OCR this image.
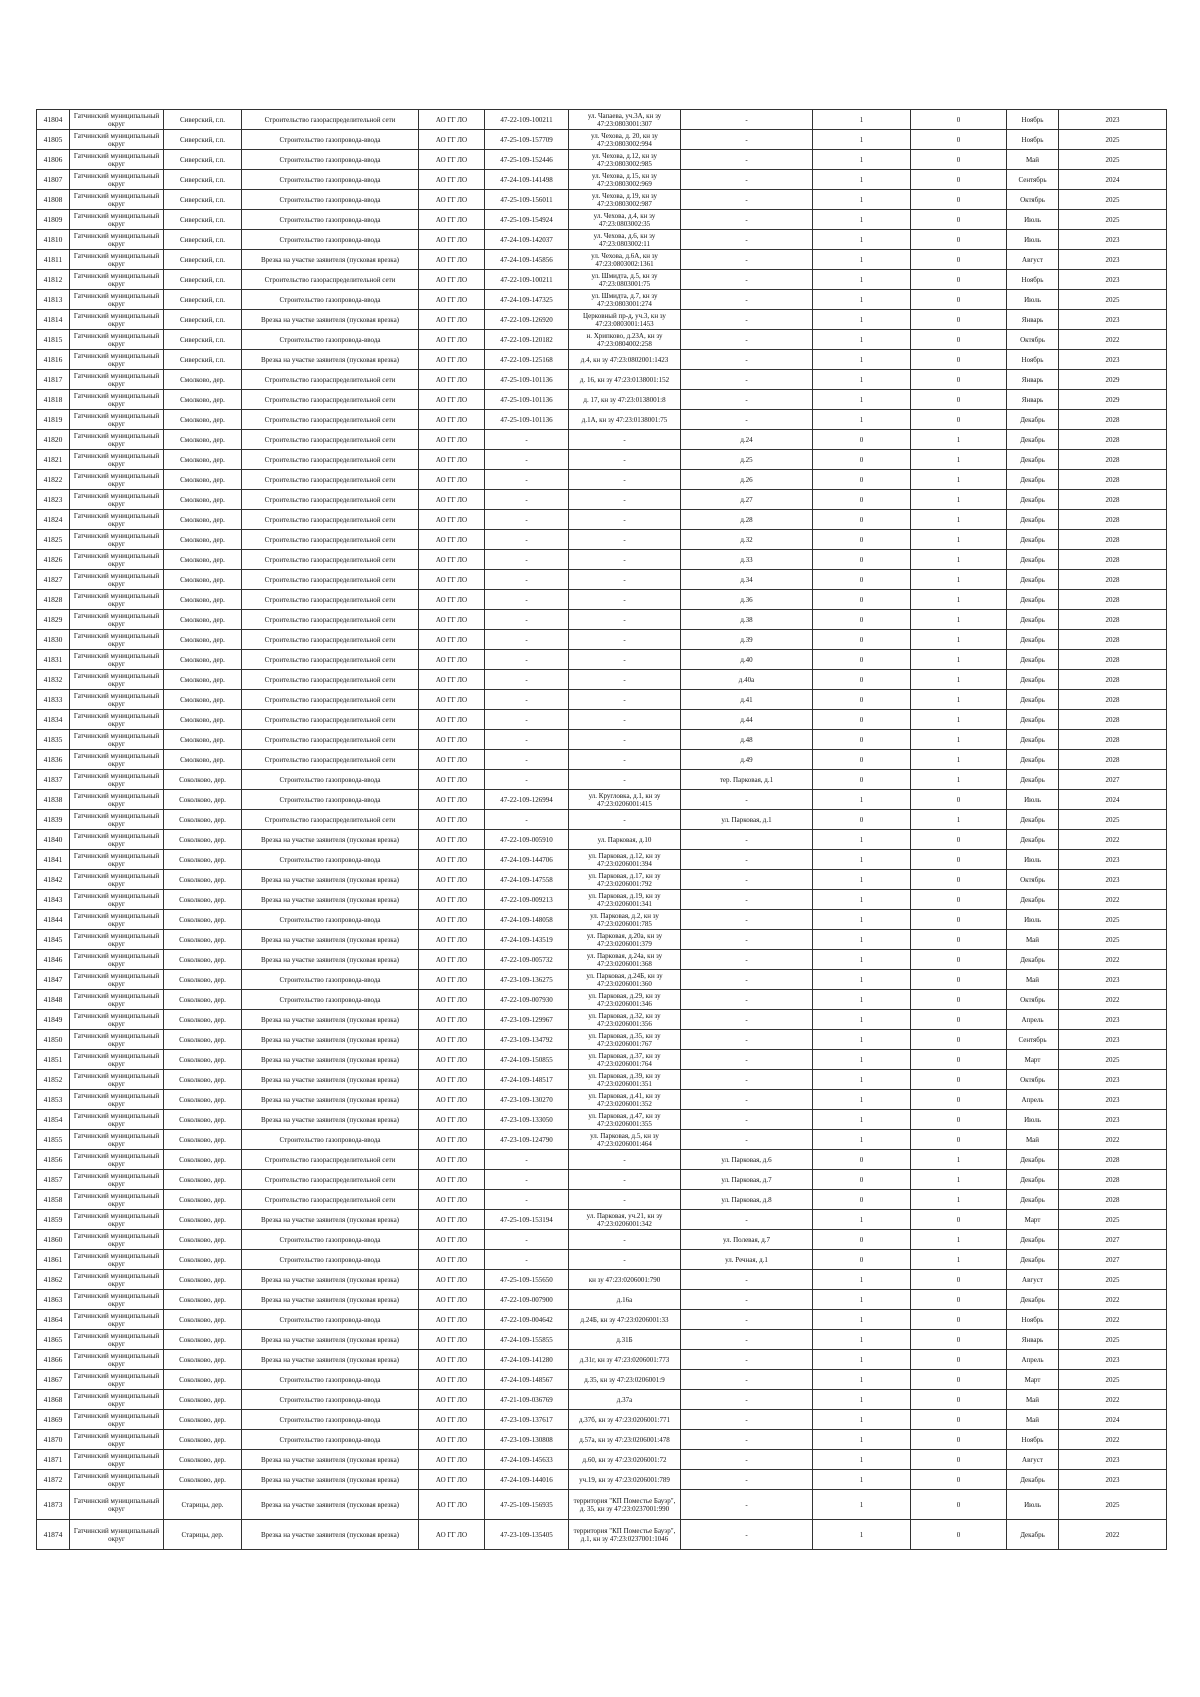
41804	Гатчинский муниципальный округ	Сиверский, г.п.	Строительство газораспределительной сети	АО ГГ ЛО	47-22-109-100211	ул. Чапаева, уч.3А, кн зу 47:23:0803001:307	-	1	0	Ноябрь	2023
41805	Гатчинский муниципальный округ	Сиверский, г.п.	Строительство газопровода-ввода	АО ГГ ЛО	47-25-109-157709	ул. Чехова, д. 20, кн зу 47:23:0803002:994	-	1	0	Ноябрь	2025
41806	Гатчинский муниципальный округ	Сиверский, г.п.	Строительство газопровода-ввода	АО ГГ ЛО	47-25-109-152446	ул. Чехова, д.12, кн зу 47:23:0803002:985	-	1	0	Май	2025
41807	Гатчинский муниципальный округ	Сиверский, г.п.	Строительство газопровода-ввода	АО ГГ ЛО	47-24-109-141498	ул. Чехова, д.15, кн зу 47:23:0803002:969	-	1	0	Сентябрь	2024
41808	Гатчинский муниципальный округ	Сиверский, г.п.	Строительство газопровода-ввода	АО ГГ ЛО	47-25-109-156011	ул. Чехова, д.19, кн зу 47:23:0803002:987	-	1	0	Октябрь	2025
41809	Гатчинский муниципальный округ	Сиверский, г.п.	Строительство газопровода-ввода	АО ГГ ЛО	47-25-109-154924	ул. Чехова, д.4, кн зу 47:23:0803002:35	-	1	0	Июль	2025
41810	Гатчинский муниципальный округ	Сиверский, г.п.	Строительство газопровода-ввода	АО ГГ ЛО	47-24-109-142037	ул. Чехова, д.6, кн зу 47:23:0803002:11	-	1	0	Июль	2023
41811	Гатчинский муниципальный округ	Сиверский, г.п.	Врезка на участке заявителя (пусковая врезка)	АО ГГ ЛО	47-24-109-145856	ул. Чехова, д.6А, кн зу 47:23:0803002:1361	-	1	0	Август	2023
41812	Гатчинский муниципальный округ	Сиверский, г.п.	Строительство газораспределительной сети	АО ГГ ЛО	47-22-109-100211	ул. Шмидта, д.5, кн зу 47:23:0803001:75	-	1	0	Ноябрь	2023
41813	Гатчинский муниципальный округ	Сиверский, г.п.	Строительство газопровода-ввода	АО ГГ ЛО	47-24-109-147325	ул. Шмидта, д.7, кн зу 47:23:0803001:274	-	1	0	Июль	2025
41814	Гатчинский муниципальный округ	Сиверский, г.п.	Врезка на участке заявителя (пусковая врезка)	АО ГГ ЛО	47-22-109-126920	Церковный пр-д, уч.3, кн зу 47:23:0803001:1453	-	1	0	Январь	2023
41815	Гатчинский муниципальный округ	Сиверский, г.п.	Строительство газопровода-ввода	АО ГГ ЛО	47-22-109-120182	н. Хрипково, д.23А, кн зу 47:23:0804002:258	-	1	0	Октябрь	2022
41816	Гатчинский муниципальный округ	Сиверский, г.п.	Врезка на участке заявителя (пусковая врезка)	АО ГГ ЛО	47-22-109-125168	д.4, кн зу 47:23:0802001:1423	-	1	0	Ноябрь	2023
41817	Гатчинский муниципальный округ	Смолково, дер.	Строительство газораспределительной сети	АО ГГ ЛО	47-25-109-101136	д. 16, кн зу 47:23:0138001:152	-	1	0	Январь	2029
41818	Гатчинский муниципальный округ	Смолково, дер.	Строительство газораспределительной сети	АО ГГ ЛО	47-25-109-101136	д. 17, кн зу 47:23:0138001:8	-	1	0	Январь	2029
41819	Гатчинский муниципальный округ	Смолково, дер.	Строительство газораспределительной сети	АО ГГ ЛО	47-25-109-101136	д.1А, кн зу 47:23:0138001:75	-	1	0	Декабрь	2028
41820	Гатчинский муниципальный округ	Смолково, дер.	Строительство газораспределительной сети	АО ГГ ЛО	-	-	д.24	0	1	Декабрь	2028
41821	Гатчинский муниципальный округ	Смолково, дер.	Строительство газораспределительной сети	АО ГГ ЛО	-	-	д.25	0	1	Декабрь	2028
41822	Гатчинский муниципальный округ	Смолково, дер.	Строительство газораспределительной сети	АО ГГ ЛО	-	-	д.26	0	1	Декабрь	2028
41823	Гатчинский муниципальный округ	Смолково, дер.	Строительство газораспределительной сети	АО ГГ ЛО	-	-	д.27	0	1	Декабрь	2028
41824	Гатчинский муниципальный округ	Смолково, дер.	Строительство газораспределительной сети	АО ГГ ЛО	-	-	д.28	0	1	Декабрь	2028
41825	Гатчинский муниципальный округ	Смолково, дер.	Строительство газораспределительной сети	АО ГГ ЛО	-	-	д.32	0	1	Декабрь	2028
41826	Гатчинский муниципальный округ	Смолково, дер.	Строительство газораспределительной сети	АО ГГ ЛО	-	-	д.33	0	1	Декабрь	2028
41827	Гатчинский муниципальный округ	Смолково, дер.	Строительство газораспределительной сети	АО ГГ ЛО	-	-	д.34	0	1	Декабрь	2028
41828	Гатчинский муниципальный округ	Смолково, дер.	Строительство газораспределительной сети	АО ГГ ЛО	-	-	д.36	0	1	Декабрь	2028
41829	Гатчинский муниципальный округ	Смолково, дер.	Строительство газораспределительной сети	АО ГГ ЛО	-	-	д.38	0	1	Декабрь	2028
41830	Гатчинский муниципальный округ	Смолково, дер.	Строительство газораспределительной сети	АО ГГ ЛО	-	-	д.39	0	1	Декабрь	2028
41831	Гатчинский муниципальный округ	Смолково, дер.	Строительство газораспределительной сети	АО ГГ ЛО	-	-	д.40	0	1	Декабрь	2028
41832	Гатчинский муниципальный округ	Смолково, дер.	Строительство газораспределительной сети	АО ГГ ЛО	-	-	д.40а	0	1	Декабрь	2028
41833	Гатчинский муниципальный округ	Смолково, дер.	Строительство газораспределительной сети	АО ГГ ЛО	-	-	д.41	0	1	Декабрь	2028
41834	Гатчинский муниципальный округ	Смолково, дер.	Строительство газораспределительной сети	АО ГГ ЛО	-	-	д.44	0	1	Декабрь	2028
41835	Гатчинский муниципальный округ	Смолково, дер.	Строительство газораспределительной сети	АО ГГ ЛО	-	-	д.48	0	1	Декабрь	2028
41836	Гатчинский муниципальный округ	Смолково, дер.	Строительство газораспределительной сети	АО ГГ ЛО	-	-	д.49	0	1	Декабрь	2028
41837	Гатчинский муниципальный округ	Соколково, дер.	Строительство газопровода-ввода	АО ГГ ЛО	-	-	тер. Парковая, д.1	0	1	Декабрь	2027
41838	Гатчинский муниципальный округ	Соколково, дер.	Строительство газопровода-ввода	АО ГГ ЛО	47-22-109-126994	ул. Кругловка, д.1, кн зу 47:23:0206001:415	-	1	0	Июль	2024
41839	Гатчинский муниципальный округ	Соколково, дер.	Строительство газораспределительной сети	АО ГГ ЛО	-	-	ул. Парковая, д.1	0	1	Декабрь	2025
41840	Гатчинский муниципальный округ	Соколково, дер.	Врезка на участке заявителя (пусковая врезка)	АО ГГ ЛО	47-22-109-005910	ул. Парковая, д.10	-	1	0	Декабрь	2022
41841	Гатчинский муниципальный округ	Соколково, дер.	Строительство газопровода-ввода	АО ГГ ЛО	47-24-109-144706	ул. Парковая, д.12, кн зу 47:23:0206001:394	-	1	0	Июль	2023
41842	Гатчинский муниципальный округ	Соколково, дер.	Врезка на участке заявителя (пусковая врезка)	АО ГГ ЛО	47-24-109-147558	ул. Парковая, д.17, кн зу 47:23:0206001:792	-	1	0	Октябрь	2023
41843	Гатчинский муниципальный округ	Соколково, дер.	Врезка на участке заявителя (пусковая врезка)	АО ГГ ЛО	47-22-109-009213	ул. Парковая, д.19, кн зу 47:23:0206001:341	-	1	0	Декабрь	2022
41844	Гатчинский муниципальный округ	Соколково, дер.	Строительство газопровода-ввода	АО ГГ ЛО	47-24-109-148058	ул. Парковая, д.2, кн зу 47:23:0206001:785	-	1	0	Июль	2025
41845	Гатчинский муниципальный округ	Соколково, дер.	Врезка на участке заявителя (пусковая врезка)	АО ГГ ЛО	47-24-109-143519	ул. Парковая, д.20а, кн зу 47:23:0206001:379	-	1	0	Май	2025
41846	Гатчинский муниципальный округ	Соколково, дер.	Врезка на участке заявителя (пусковая врезка)	АО ГГ ЛО	47-22-109-005732	ул. Парковая, д.24а, кн зу 47:23:0206001:368	-	1	0	Декабрь	2022
41847	Гатчинский муниципальный округ	Соколково, дер.	Строительство газопровода-ввода	АО ГГ ЛО	47-23-109-136275	ул. Парковая, д.24Б, кн зу 47:23:0206001:360	-	1	0	Май	2023
41848	Гатчинский муниципальный округ	Соколково, дер.	Строительство газопровода-ввода	АО ГГ ЛО	47-22-109-007930	ул. Парковая, д.29, кн зу 47:23:0206001:346	-	1	0	Октябрь	2022
41849	Гатчинский муниципальный округ	Соколково, дер.	Врезка на участке заявителя (пусковая врезка)	АО ГГ ЛО	47-23-109-129967	ул. Парковая, д.32, кн зу 47:23:0206001:356	-	1	0	Апрель	2023
41850	Гатчинский муниципальный округ	Соколково, дер.	Врезка на участке заявителя (пусковая врезка)	АО ГГ ЛО	47-23-109-134792	ул. Парковая, д.35, кн зу 47:23:0206001:767	-	1	0	Сентябрь	2023
41851	Гатчинский муниципальный округ	Соколково, дер.	Врезка на участке заявителя (пусковая врезка)	АО ГГ ЛО	47-24-109-150855	ул. Парковая, д.37, кн зу 47:23:0206001:764	-	1	0	Март	2025
41852	Гатчинский муниципальный округ	Соколково, дер.	Врезка на участке заявителя (пусковая врезка)	АО ГГ ЛО	47-24-109-148517	ул. Парковая, д.39, кн зу 47:23:0206001:351	-	1	0	Октябрь	2023
41853	Гатчинский муниципальный округ	Соколково, дер.	Врезка на участке заявителя (пусковая врезка)	АО ГГ ЛО	47-23-109-130270	ул. Парковая, д.41, кн зу 47:23:0206001:352	-	1	0	Апрель	2023
41854	Гатчинский муниципальный округ	Соколково, дер.	Врезка на участке заявителя (пусковая врезка)	АО ГГ ЛО	47-23-109-133050	ул. Парковая, д.47, кн зу 47:23:0206001:355	-	1	0	Июль	2023
41855	Гатчинский муниципальный округ	Соколково, дер.	Строительство газопровода-ввода	АО ГГ ЛО	47-23-109-124790	ул. Парковая, д.5, кн зу 47:23:0206001:464	-	1	0	Май	2022
41856	Гатчинский муниципальный округ	Соколково, дер.	Строительство газораспределительной сети	АО ГГ ЛО	-	-	ул. Парковая, д.6	0	1	Декабрь	2028
41857	Гатчинский муниципальный округ	Соколково, дер.	Строительство газораспределительной сети	АО ГГ ЛО	-	-	ул. Парковая, д.7	0	1	Декабрь	2028
41858	Гатчинский муниципальный округ	Соколково, дер.	Строительство газораспределительной сети	АО ГГ ЛО	-	-	ул. Парковая, д.8	0	1	Декабрь	2028
41859	Гатчинский муниципальный округ	Соколково, дер.	Врезка на участке заявителя (пусковая врезка)	АО ГГ ЛО	47-25-109-153194	ул. Парковая, уч.21, кн зу 47:23:0206001:342	-	1	0	Март	2025
41860	Гатчинский муниципальный округ	Соколково, дер.	Строительство газопровода-ввода	АО ГГ ЛО	-	-	ул. Полевая, д.7	0	1	Декабрь	2027
41861	Гатчинский муниципальный округ	Соколково, дер.	Строительство газопровода-ввода	АО ГГ ЛО	-	-	ул. Речная, д.1	0	1	Декабрь	2027
41862	Гатчинский муниципальный округ	Соколково, дер.	Врезка на участке заявителя (пусковая врезка)	АО ГГ ЛО	47-25-109-155650	кн зу 47:23:0206001:790	-	1	0	Август	2025
41863	Гатчинский муниципальный округ	Соколково, дер.	Врезка на участке заявителя (пусковая врезка)	АО ГГ ЛО	47-22-109-007900	д.16а	-	1	0	Декабрь	2022
41864	Гатчинский муниципальный округ	Соколково, дер.	Строительство газопровода-ввода	АО ГГ ЛО	47-22-109-004642	д.24Б, кн зу 47:23:0206001:33	-	1	0	Ноябрь	2022
41865	Гатчинский муниципальный округ	Соколково, дер.	Врезка на участке заявителя (пусковая врезка)	АО ГГ ЛО	47-24-109-155855	д.31Б	-	1	0	Январь	2025
41866	Гатчинский муниципальный округ	Соколково, дер.	Врезка на участке заявителя (пусковая врезка)	АО ГГ ЛО	47-24-109-141280	д.31г, кн зу 47:23:0206001:773	-	1	0	Апрель	2023
41867	Гатчинский муниципальный округ	Соколково, дер.	Строительство газопровода-ввода	АО ГГ ЛО	47-24-109-148567	д.35, кн зу 47:23:0206001:9	-	1	0	Март	2025
41868	Гатчинский муниципальный округ	Соколково, дер.	Строительство газопровода-ввода	АО ГГ ЛО	47-21-109-036769	д.37а	-	1	0	Май	2022
41869	Гатчинский муниципальный округ	Соколково, дер.	Строительство газопровода-ввода	АО ГГ ЛО	47-23-109-137617	д.37б, кн зу 47:23:0206001:771	-	1	0	Май	2024
41870	Гатчинский муниципальный округ	Соколково, дер.	Строительство газопровода-ввода	АО ГГ ЛО	47-23-109-130808	д.57а, кн зу 47:23:0206001:478	-	1	0	Ноябрь	2022
41871	Гатчинский муниципальный округ	Соколково, дер.	Врезка на участке заявителя (пусковая врезка)	АО ГГ ЛО	47-24-109-145633	д.60, кн зу 47:23:0206001:72	-	1	0	Август	2023
41872	Гатчинский муниципальный округ	Соколково, дер.	Врезка на участке заявителя (пусковая врезка)	АО ГГ ЛО	47-24-109-144016	уч.19, кн зу 47:23:0206001:789	-	1	0	Декабрь	2023
41873	Гатчинский муниципальный округ	Старицы, дер.	Врезка на участке заявителя (пусковая врезка)	АО ГГ ЛО	47-25-109-156935	территория "КП Поместье Бауэр", д. 35, кн зу 47:23:0237001:990	-	1	0	Июль	2025
41874	Гатчинский муниципальный округ	Старицы, дер.	Врезка на участке заявителя (пусковая врезка)	АО ГГ ЛО	47-23-109-135405	территория "КП Поместье Бауэр", д.1, кн зу 47:23:0237001:1046	-	1	0	Декабрь	2022
